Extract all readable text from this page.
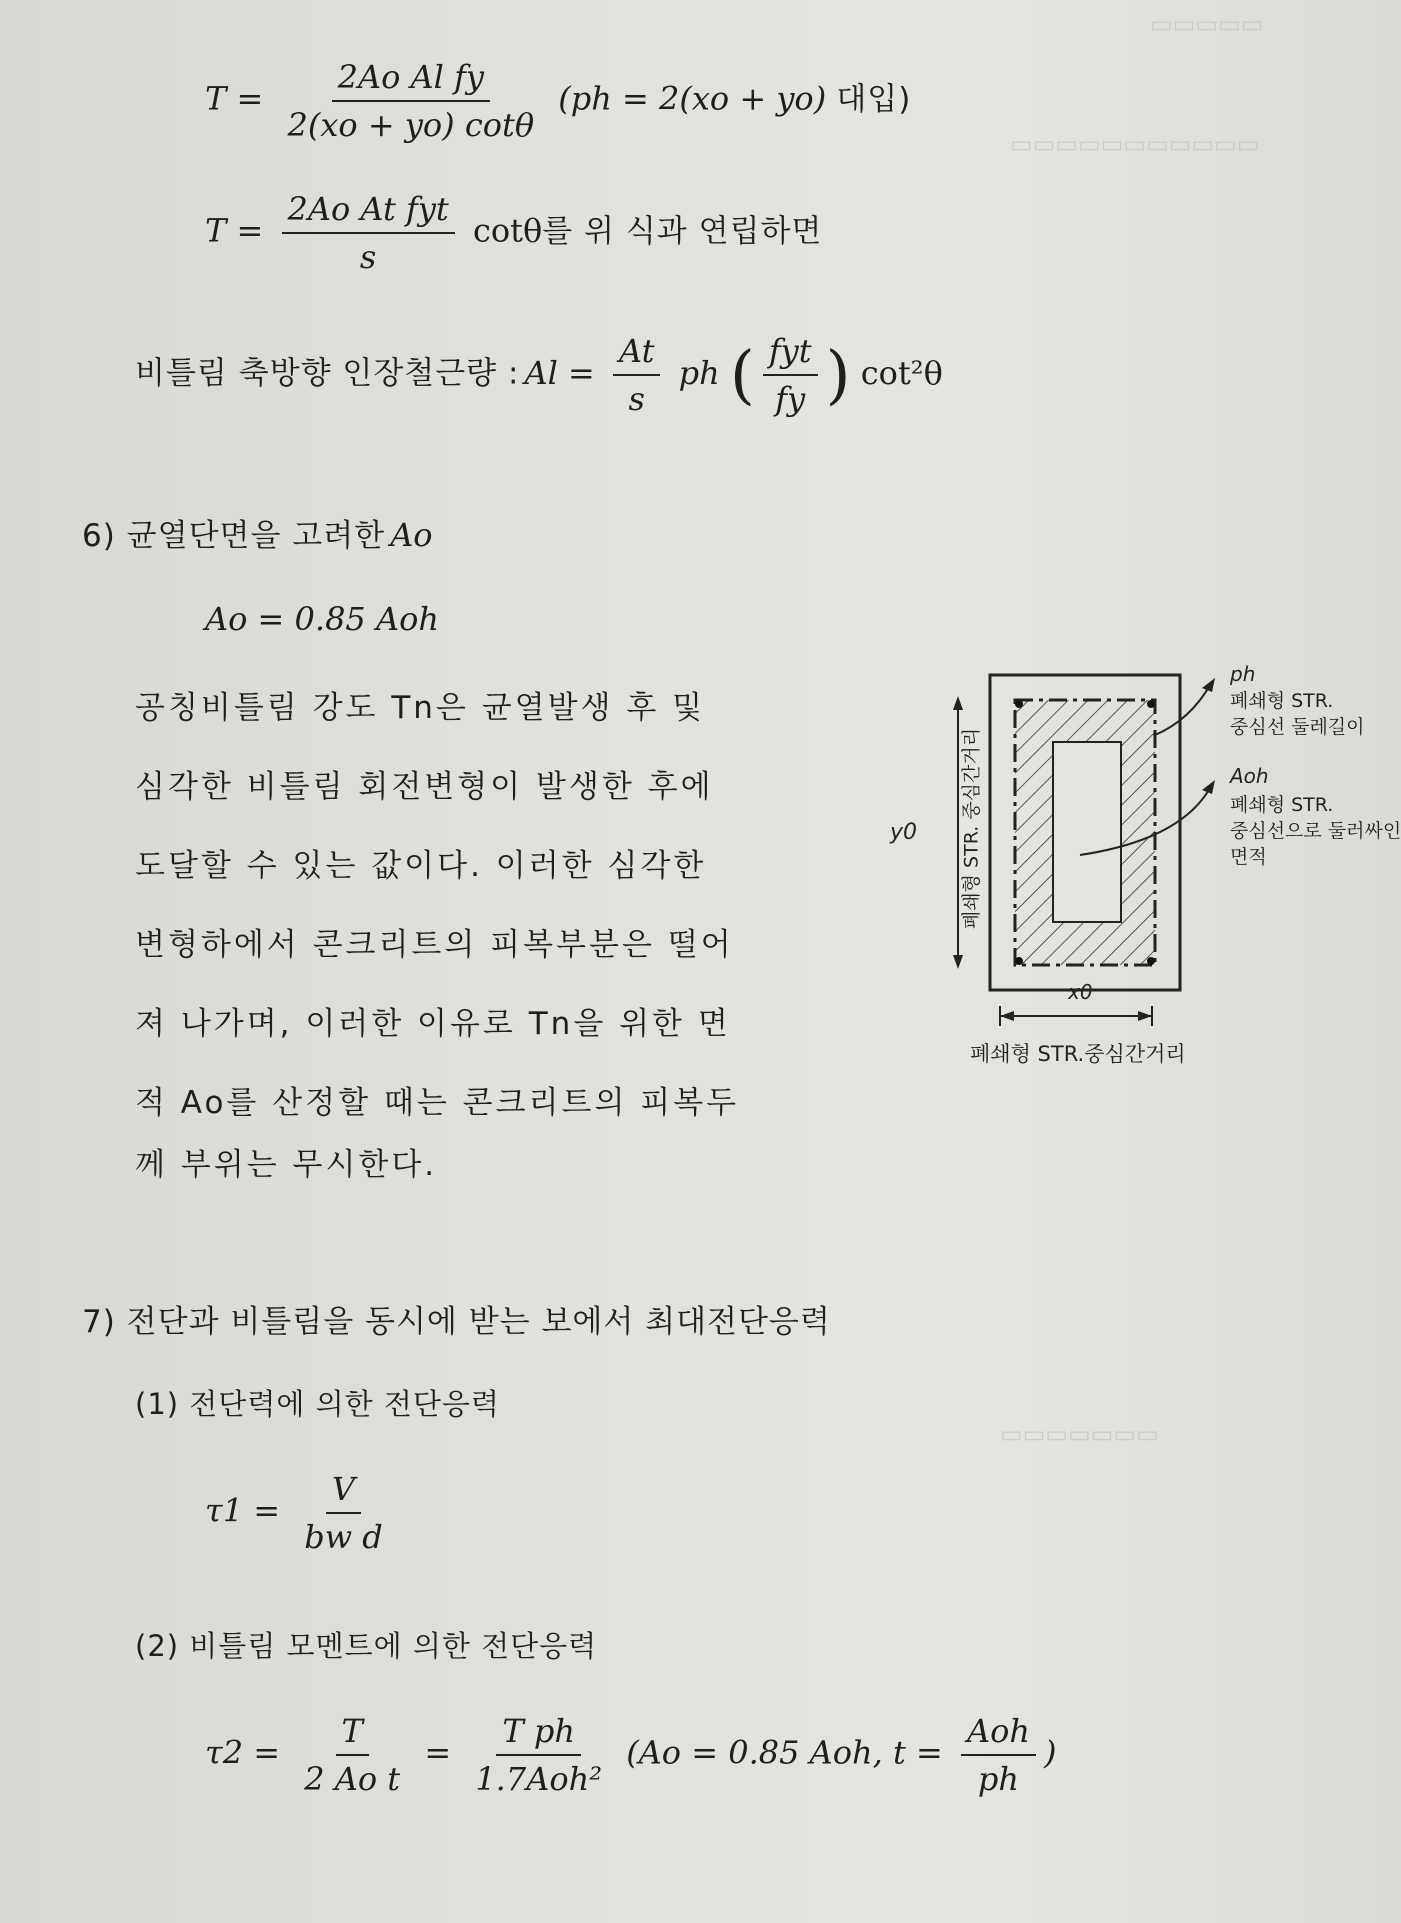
▭▭▭▭▭
▭▭▭▭▭▭▭▭▭▭▭
▭▭▭▭▭▭▭
$T = \frac{\text{2Ao Al fy}}{2(xo + yo) \cot\theta} (ph = 2(xo + yo)$ 대입)
$T = \frac{\text{2Ao At fyt}}{s}$ cotθ를 위 식과 연립하면
비틀림 축방향 인장철근량 : $Al = \frac{At}{s}$ ph ( $\frac{\text{fyt}}{fy}$ ) cot²θ
6) 균열단면을 고려한 Ao
Ao = 0.85 Aoh
공칭비틀림 강도 Tn은 균열발생 후 및
심각한 비틀림 회전변형이 발생한 후에
도달할 수 있는 값이다. 이러한 심각한
변형하에서 콘크리트의 피복부분은 떨어
져 나가며, 이러한 이유로 Tn을 위한 면
적 Ao를 산정할 때는 콘크리트의 피복두
께 부위는 무시한다.
ph
폐쇄형 STR.
중심선 둘레길이
Aoh
폐쇄형 STR.
중심선으로 둘러싸인
면적
y0 폐쇄형 STR. 중심간거리
x0
폐쇄형 STR.중심간거리
7) 전단과 비틀림을 동시에 받는 보에서 최대전단응력
(1) 전단력에 의한 전단응력
$\tau 1 = \frac{V}{\text{bw d}}$
(2) 비틀림 모멘트에 의한 전단응력
$\tau 2 = \frac{T}{\text{2 Ao t}} = \frac{\text{T ph}}{\text{1.7Aoh²}} (Ao = 0.85$ Aoh, $t = \frac{\text{Aoh}}{ph}$ )
